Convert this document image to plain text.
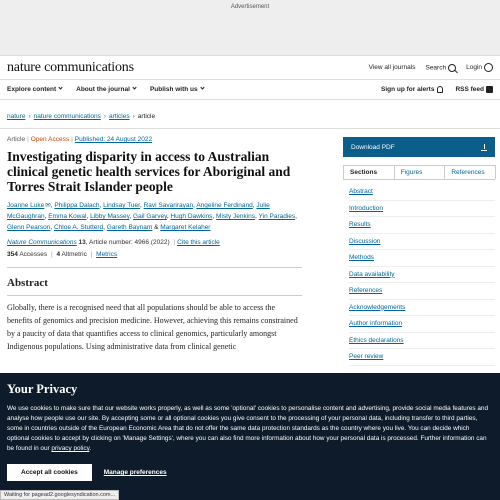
Advertisement
nature communications	View all journals Search	Login
Explore content	About the journal	Publish with us	Sign up for alerts	RSS feed
nature › nature communications › articles › article
Article | Open Access | Published: 24 August 2022
Investigating disparity in access to Australian clinical genetic health services for Aboriginal and Torres Strait Islander people
Joanne Luke✉, Philippa Dalach, Lindsay Tuer, Ravi Savarirayan, Angeline Ferdinand, Julie McGaughran, Emma Kowal, Libby Massey, Gail Garvey, Hugh Dawkins, Misty Jenkins, Yin Paradies, Glenn Pearson, Chloe A. Stutterd, Gareth Baynam & Margaret Kelaher
Nature Communications 13, Article number: 4966 (2022) | Cite this article
354 Accesses | 4 Altmetric | Metrics
Abstract

Globally, there is a recognised need that all populations should be able to access the benefits of genomics and precision medicine. However, achieving this remains constrained by a paucity of data that quantifies access to clinical genomics, particularly amongst Indigenous populations. Using administrative data from clinical genetic

Download PDF
Sections	Figures	References
Abstract
Introduction
Results
Discussion
Methods
Data availability
References
Acknowledgements
Author information
Ethics declarations
Peer review
Your Privacy

We use cookies to make sure that our website works properly, as well as some 'optional' cookies to personalise content and advertising, provide social media features and analyse how people use our site. By accepting some or all optional cookies you give consent to the processing of your personal data, including transfer to third parties, some in countries outside of the European Economic Area that do not offer the same data protection standards as the country where you live. You can decide which optional cookies to accept by clicking on 'Manage Settings', where you can also find more information about how your personal data is processed. Further information can be found in our privacy policy.

Accept all cookies	Manage preferences
Waiting for pagead2.googlesyndication.com...
